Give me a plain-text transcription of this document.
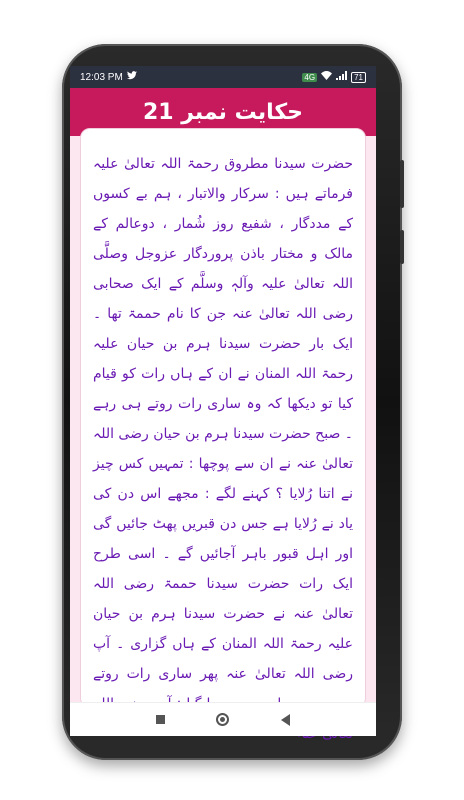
12:03 PM	4G	71
حکایت نمبر 21

حضرت سیدنا مطروق رحمۃ اللہ تعالیٰ علیہ فرماتے ہیں : سرکار والاتبار ، ہم بے کسوں کے مددگار ، شفیع روز شُمار ، دوعالم کے مالک و مختار باذن پروردگار عزوجل وصلَّی اللہ تعالیٰ علیہ وآلہٖ وسلَّم کے ایک صحابی رضی اللہ تعالیٰ عنہ جن کا نام حممۃ تھا ۔ ایک بار حضرت سیدنا ہرم بن حیان علیہ رحمۃ اللہ المنان نے ان کے ہاں رات کو قیام کیا تو دیکھا کہ وہ ساری رات روتے ہی رہے ۔ صبح حضرت سیدنا ہرم بن حیان رضی اللہ تعالیٰ عنہ نے ان سے پوچھا : تمہیں کس چیز نے اتنا رُلایا ؟ کہنے لگے : مجھے اس دن کی یاد نے رُلایا ہے جس دن قبریں پھٹ جائیں گی اور اہل قبور باہر آجائیں گے ۔ اسی طرح ایک رات حضرت سیدنا حممۃ رضی اللہ تعالیٰ عنہ نے حضرت سیدنا ہرم بن حیان علیہ رحمۃ اللہ المنان کے ہاں گزاری ۔ آپ رضی اللہ تعالیٰ عنہ پھر ساری رات روتے
